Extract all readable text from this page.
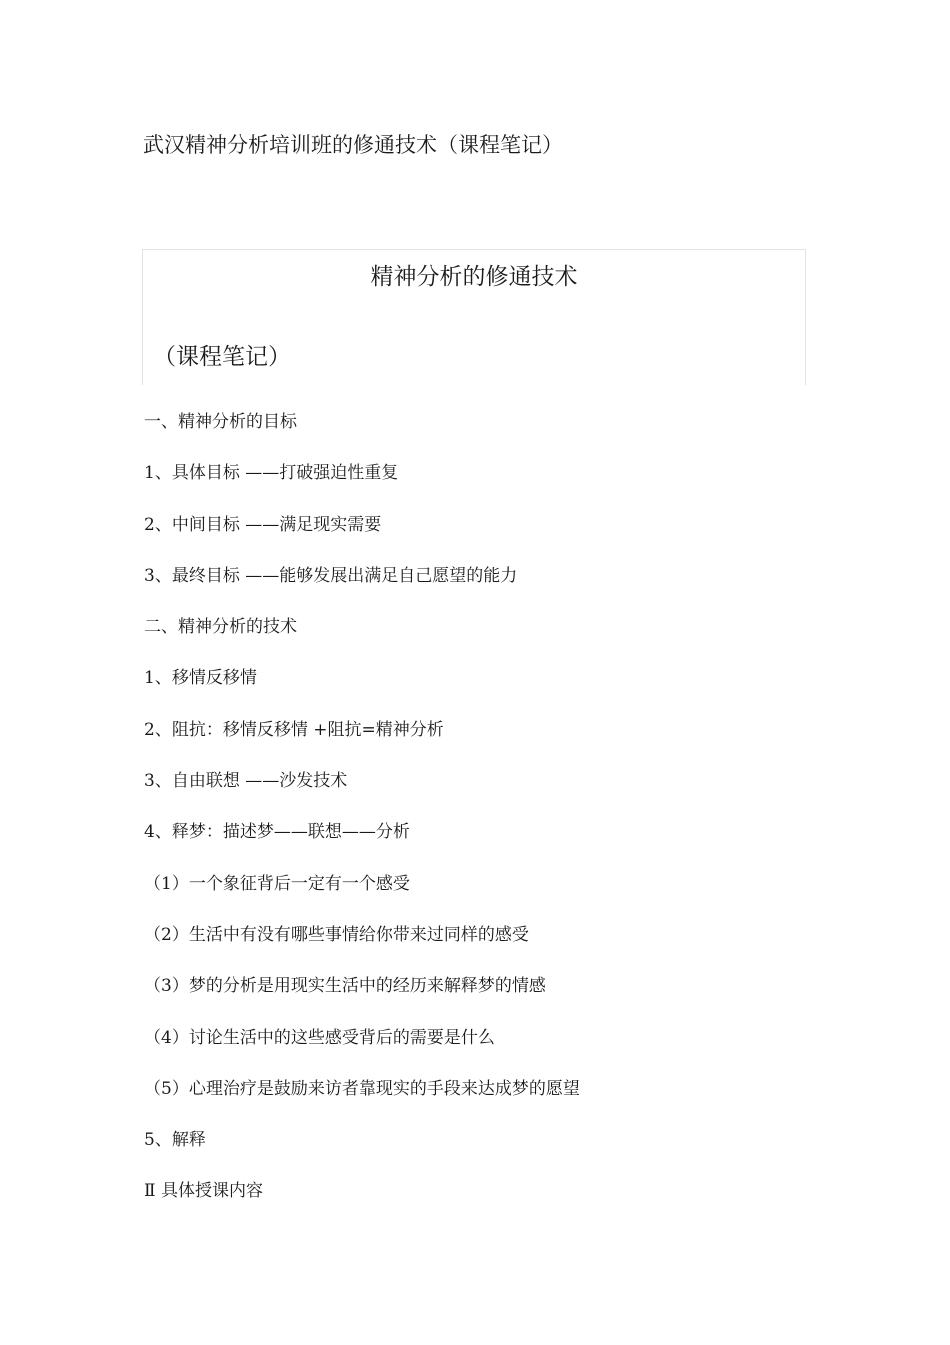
武汉精神分析培训班的修通技术（课程笔记）
精神分析的修通技术
（课程笔记）
一、精神分析的目标
1、具体目标 ——打破强迫性重复
2、中间目标 ——满足现实需要
3、最终目标 ——能够发展出满足自己愿望的能力
二、精神分析的技术
1、移情反移情
2、阻抗：移情反移情 +阻抗=精神分析
3、自由联想 ——沙发技术
4、释梦：描述梦——联想——分析
（1）一个象征背后一定有一个感受
（2）生活中有没有哪些事情给你带来过同样的感受
（3）梦的分析是用现实生活中的经历来解释梦的情感
（4）讨论生活中的这些感受背后的需要是什么
（5）心理治疗是鼓励来访者靠现实的手段来达成梦的愿望
5、解释
Ⅱ 具体授课内容
